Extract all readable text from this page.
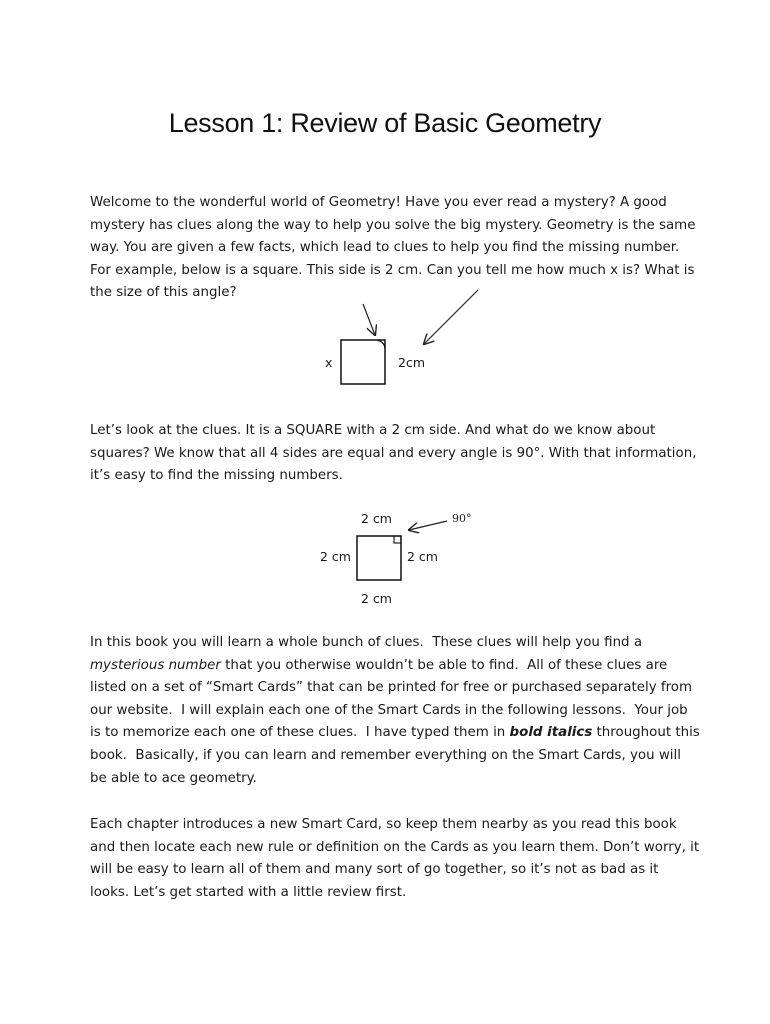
Lesson 1: Review of Basic Geometry

Welcome to the wonderful world of Geometry! Have you ever read a mystery? A good mystery has clues along the way to help you solve the big mystery. Geometry is the same way. You are given a few facts, which lead to clues to help you find the missing number. For example, below is a square. This side is 2 cm. Can you tell me how much x is? What is the size of this angle?

x	2cm

Let’s look at the clues. It is a SQUARE with a 2 cm side. And what do we know about squares? We know that all 4 sides are equal and every angle is 90°. With that information, it’s easy to find the missing numbers.

2 cm	90°
2 cm	2 cm
2 cm

In this book you will learn a whole bunch of clues.  These clues will help you find a mysterious number that you otherwise wouldn’t be able to find.  All of these clues are listed on a set of “Smart Cards” that can be printed for free or purchased separately from our website.  I will explain each one of the Smart Cards in the following lessons.  Your job is to memorize each one of these clues.  I have typed them in bold italics throughout this book.  Basically, if you can learn and remember everything on the Smart Cards, you will be able to ace geometry.

Each chapter introduces a new Smart Card, so keep them nearby as you read this book and then locate each new rule or definition on the Cards as you learn them. Don’t worry, it will be easy to learn all of them and many sort of go together, so it’s not as bad as it looks. Let’s get started with a little review first.
